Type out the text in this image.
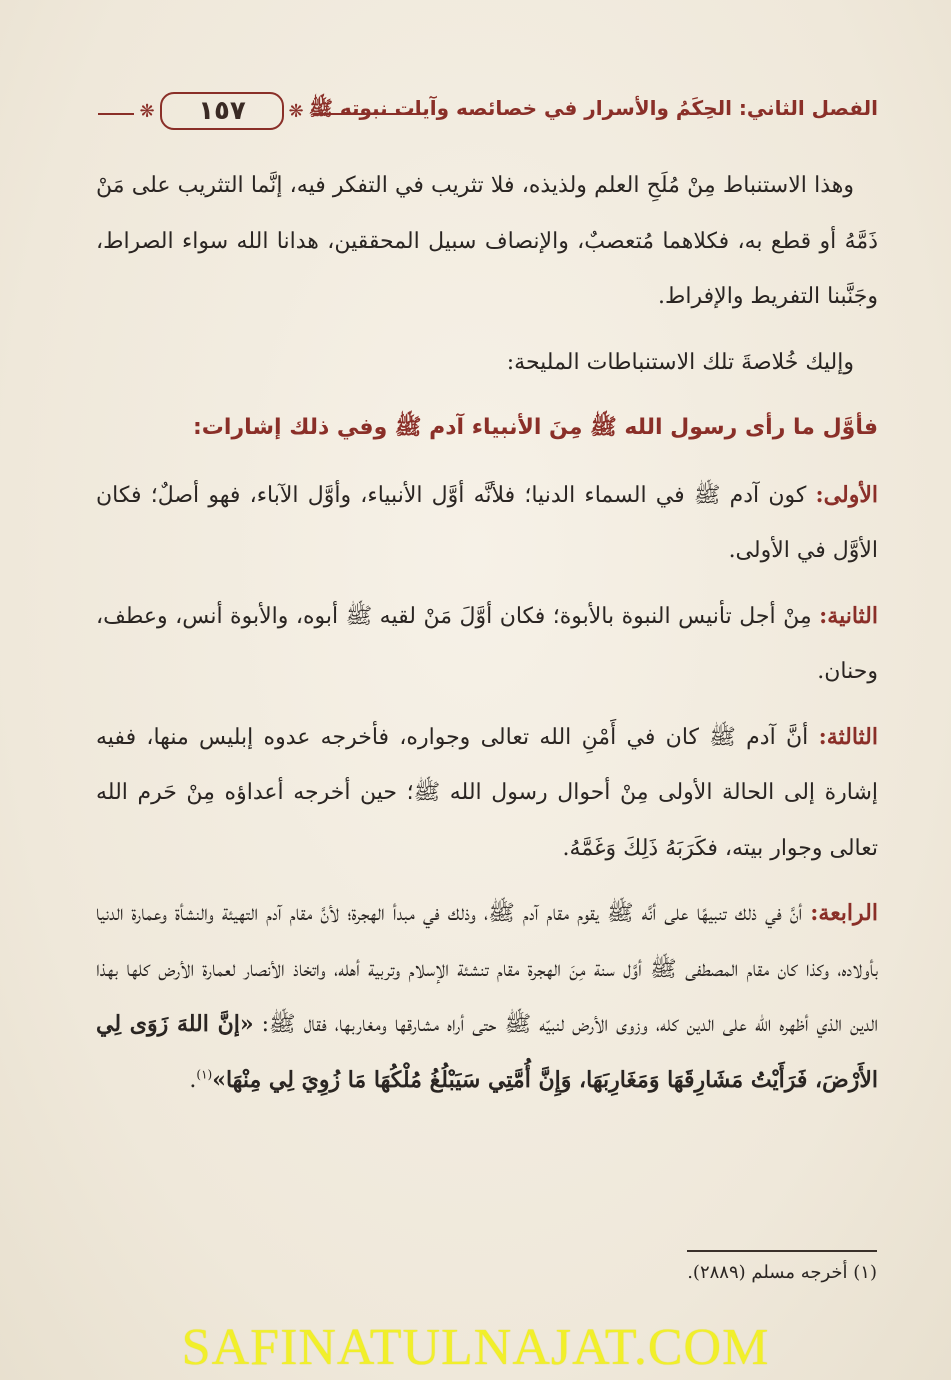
❋	١٥٧	❋ الفصل الثاني: الحِكَمُ والأسرار في خصائصه وآيات نبوته ﷺ

وهذا الاستنباط مِنْ مُلَحِ العلم ولذيذه، فلا تثريب في التفكر فيه، إنَّما التثريب على مَنْ ذَمَّهُ أو قطع به، فكلاهما مُتعصبٌ، والإنصاف سبيل المحققين، هدانا الله سواء الصراط، وجَنَّبنا التفريط والإفراط.

وإليك خُلاصةَ تلك الاستنباطات المليحة:

فأوَّل ما رأى رسول الله ﷺ مِنَ الأنبياء آدم ﷺ وفي ذلك إشارات:

الأولى: كون آدم ﷺ في السماء الدنيا؛ فلأنَّه أوَّل الأنبياء، وأوَّل الآباء، فهو أصلٌ؛ فكان الأوَّل في الأولى.

الثانية: مِنْ أجل تأنيس النبوة بالأبوة؛ فكان أوَّلَ مَنْ لقيه ﷺ أبوه، والأبوة أنس، وعطف، وحنان.

الثالثة: أنَّ آدم ﷺ كان في أَمْنِ الله تعالى وجواره، فأخرجه عدوه إبليس منها، ففيه إشارة إلى الحالة الأولى مِنْ أحوال رسول الله ﷺ؛ حين أخرجه أعداؤه مِنْ حَرم الله تعالى وجوار بيته، فكَرَبَهُ ذَلِكَ وَغَمَّهُ.

الرابعة: أنَّ في ذلك تنبيهًا على أنَّه ﷺ يقوم مقام آدم ﷺ، وذلك في مبدأ الهجرة؛ لأنَّ مقام آدم التهيئة والنشأة وعمارة الدنيا بأولاده، وكذا كان مقام المصطفى ﷺ أوَّل سنة مِنَ الهجرة مقام تنشئة الإسلام وتربية أهله، واتخاذ الأنصار لعمارة الأرض كلها بهذا الدين الذي أظهره الله على الدين كله، وزوى الأرض لنبيّه ﷺ حتى أراه مشارقها ومغاربها، فقال ﷺ: «إنَّ اللهَ زَوَى لِي الأَرْضَ، فَرَأَيْتُ مَشَارِقَهَا وَمَغَارِبَهَا، وَإِنَّ أُمَّتِي سَيَبْلُغُ مُلْكُهَا مَا زُوِيَ لِي مِنْهَا»$^{(١)}$.

(١) أخرجه مسلم (٢٨٨٩).
SAFINATULNAJAT.COM
